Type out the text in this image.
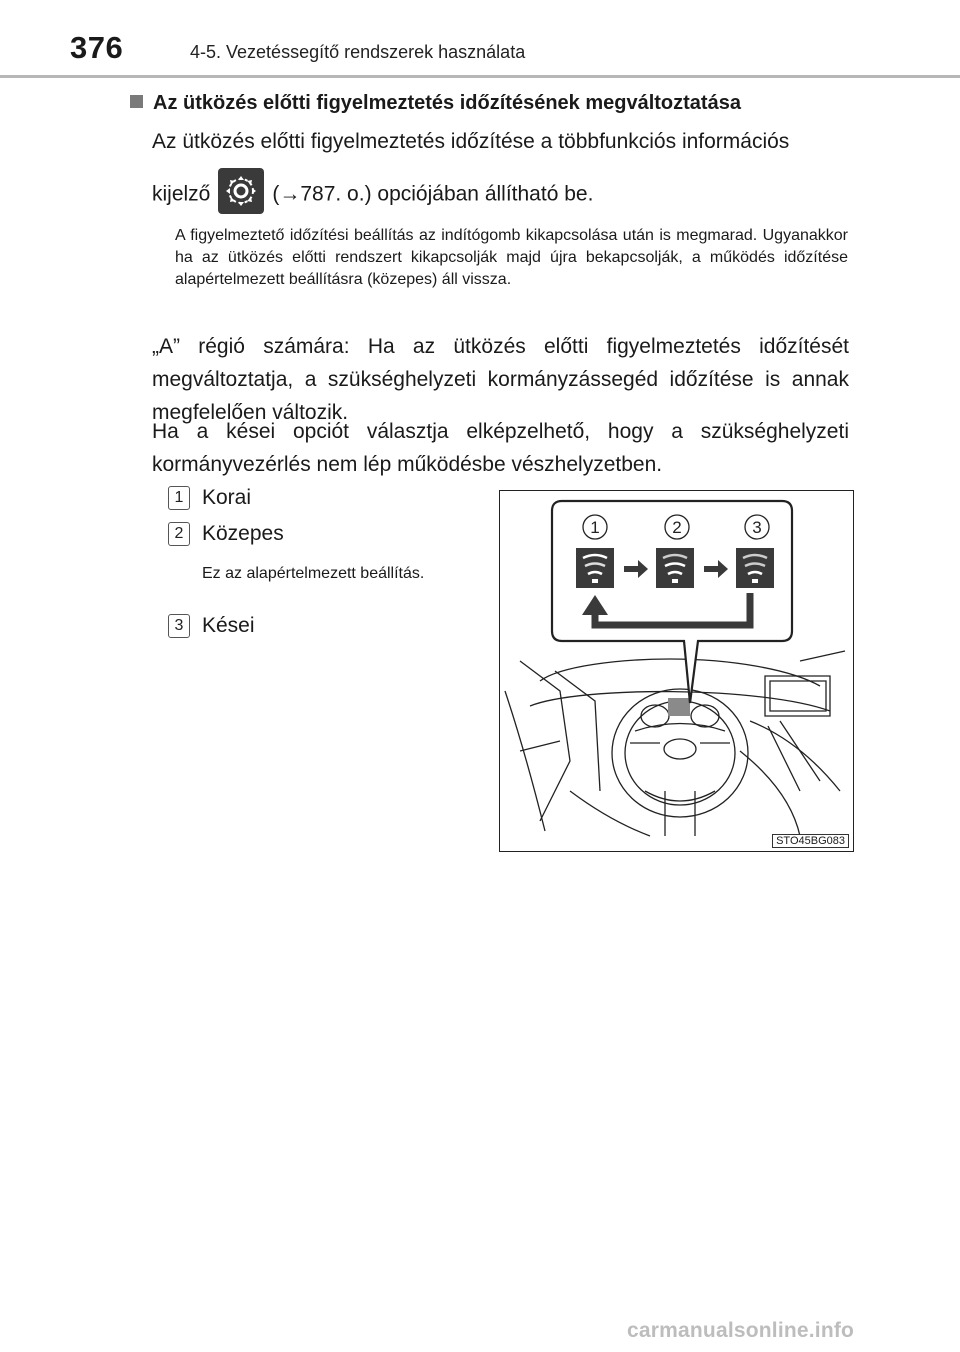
376	4-5. Vezetéssegítő rendszerek használata
Az ütközés előtti figyelmeztetés időzítésének megváltoztatása
Az ütközés előtti figyelmeztetés időzítése a többfunkciós információs
kijelző	(→787. o.) opciójában állítható be.
A figyelmeztető időzítési beállítás az indítógomb kikapcsolása után is megmarad. Ugyanakkor ha az ütközés előtti rendszert kikapcsolják majd újra bekapcsolják, a működés időzítése alapértelmezett beállításra (közepes) áll vissza.
„A” régió számára: Ha az ütközés előtti figyelmeztetés időzítését megváltoztatja, a szükséghelyzeti kormányzássegéd időzítése is annak megfelelően változik.
Ha a kései opciót választja elképzelhető, hogy a szükséghelyzeti kormányvezérlés nem lép működésbe vészhelyzetben.
1 Korai
2 Közepes
Ez az alapértelmezett beállítás.
3 Kései
1	2	3
STO45BG083
carmanualsonline.info
